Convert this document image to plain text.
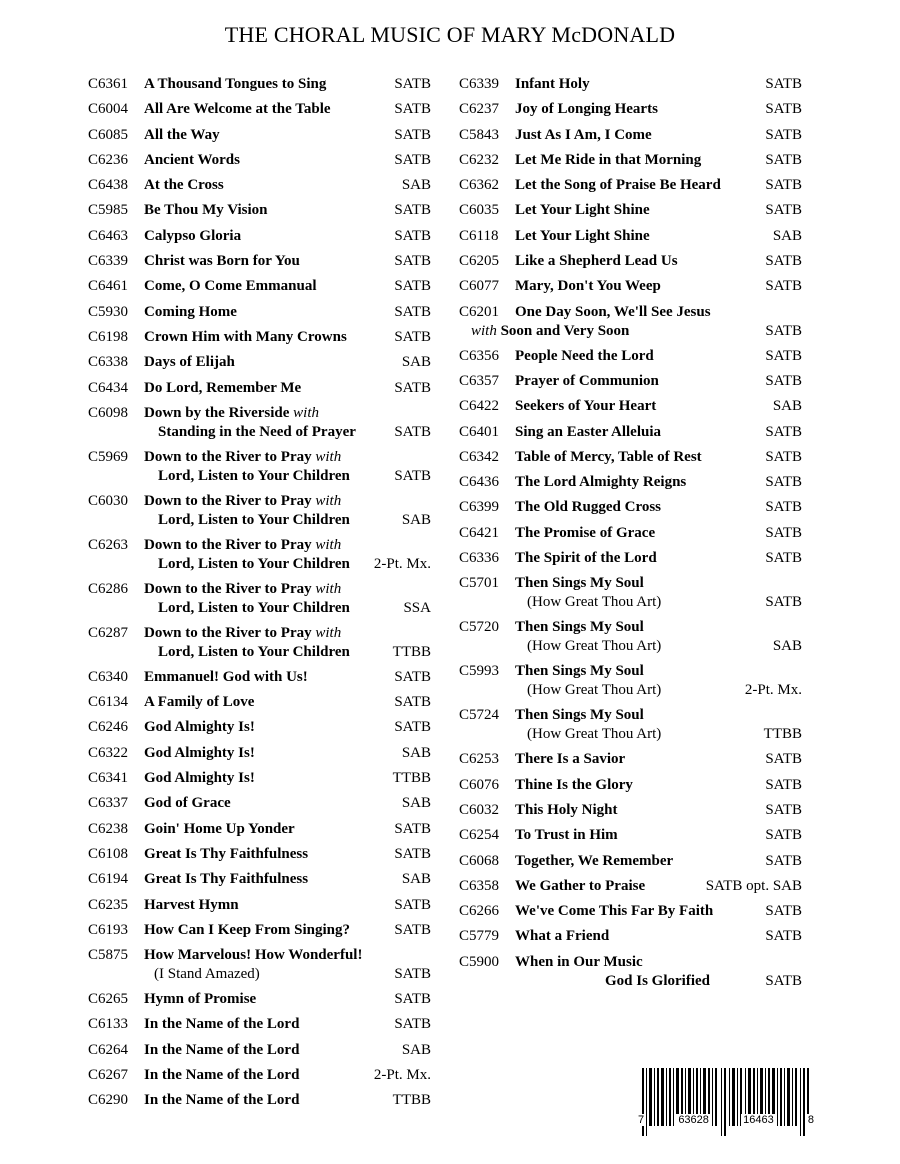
THE CHORAL MUSIC OF MARY McDONALD
C6361 A Thousand Tongues to Sing	SATB
C6004 All Are Welcome at the Table	SATB
C6085 All the Way	SATB
C6236 Ancient Words	SATB
C6438 At the Cross	SAB
C5985 Be Thou My Vision	SATB
C6463 Calypso Gloria	SATB
C6339 Christ was Born for You	SATB
C6461 Come, O Come Emmanual	SATB
C5930 Coming Home	SATB
C6198 Crown Him with Many Crowns	SATB
C6338 Days of Elijah	SAB
C6434 Do Lord, Remember Me	SATB
C6098 Down by the Riverside with
Standing in the Need of Prayer	SATB
C5969 Down to the River to Pray with
Lord, Listen to Your Children	SATB
C6030 Down to the River to Pray with
Lord, Listen to Your Children	SAB
C6263 Down to the River to Pray with
Lord, Listen to Your Children 2-Pt. Mx.
C6286 Down to the River to Pray with
Lord, Listen to Your Children	SSA
C6287 Down to the River to Pray with
Lord, Listen to Your Children	TTBB
C6340 Emmanuel! God with Us!	SATB
C6134 A Family of Love	SATB
C6246 God Almighty Is!	SATB
C6322 God Almighty Is!	SAB
C6341 God Almighty Is!	TTBB
C6337 God of Grace	SAB
C6238 Goin' Home Up Yonder	SATB
C6108 Great Is Thy Faithfulness	SATB
C6194 Great Is Thy Faithfulness	SAB
C6235 Harvest Hymn	SATB
C6193 How Can I Keep From Singing?	SATB
C5875 How Marvelous! How Wonderful!
(I Stand Amazed)	SATB
C6265 Hymn of Promise	SATB
C6133 In the Name of the Lord	SATB
C6264 In the Name of the Lord	SAB
C6267 In the Name of the Lord	2-Pt. Mx.
C6290 In the Name of the Lord	TTBB
C6339 Infant Holy	SATB
C6237 Joy of Longing Hearts	SATB
C5843 Just As I Am, I Come	SATB
C6232 Let Me Ride in that Morning	SATB
C6362 Let the Song of Praise Be Heard	SATB
C6035 Let Your Light Shine	SATB
C6118 Let Your Light Shine	SAB
C6205 Like a Shepherd Lead Us	SATB
C6077 Mary, Don't You Weep	SATB
C6201 One Day Soon, We'll See Jesus
with Soon and Very Soon	SATB
C6356 People Need the Lord	SATB
C6357 Prayer of Communion	SATB
C6422 Seekers of Your Heart	SAB
C6401 Sing an Easter Alleluia	SATB
C6342 Table of Mercy, Table of Rest	SATB
C6436 The Lord Almighty Reigns	SATB
C6399 The Old Rugged Cross	SATB
C6421 The Promise of Grace	SATB
C6336 The Spirit of the Lord	SATB
C5701 Then Sings My Soul
(How Great Thou Art)	SATB
C5720 Then Sings My Soul
(How Great Thou Art)	SAB
C5993 Then Sings My Soul
(How Great Thou Art)	2-Pt. Mx.
C5724 Then Sings My Soul
(How Great Thou Art)	TTBB
C6253 There Is a Savior	SATB
C6076 Thine Is the Glory	SATB
C6032 This Holy Night	SATB
C6254 To Trust in Him	SATB
C6068 Together, We Remember	SATB
C6358 We Gather to Praise	SATB opt. SAB
C6266 We've Come This Far By Faith	SATB
C5779 What a Friend	SATB
C5900 When in Our Music
God Is Glorified	SATB
7	63628	16463	8
